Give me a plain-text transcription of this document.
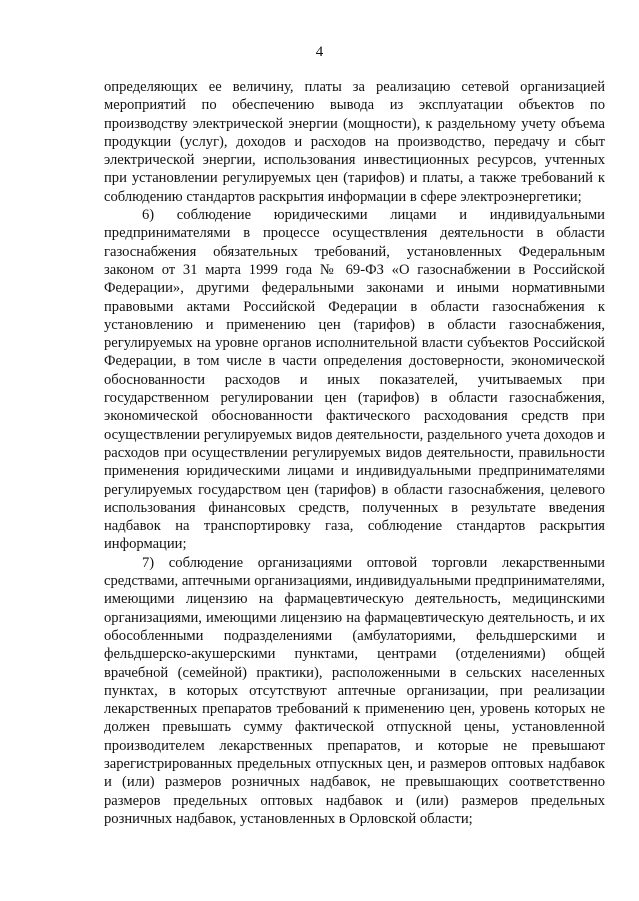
4

определяющих ее величину, платы за реализацию сетевой организацией мероприятий по обеспечению вывода из эксплуатации объектов по производству электрической энергии (мощности), к раздельному учету объема продукции (услуг), доходов и расходов на производство, передачу и сбыт электрической энергии, использования инвестиционных ресурсов, учтенных при установлении регулируемых цен (тарифов) и платы, а также требований к соблюдению стандартов раскрытия информации в сфере электроэнергетики;

6) соблюдение юридическими лицами и индивидуальными предпринимателями в процессе осуществления деятельности в области газоснабжения обязательных требований, установленных Федеральным законом от 31 марта 1999 года № 69-ФЗ «О газоснабжении в Российской Федерации», другими федеральными законами и иными нормативными правовыми актами Российской Федерации в области газоснабжения к установлению и применению цен (тарифов) в области газоснабжения, регулируемых на уровне органов исполнительной власти субъектов Российской Федерации, в том числе в части определения достоверности, экономической обоснованности расходов и иных показателей, учитываемых при государственном регулировании цен (тарифов) в области газоснабжения, экономической обоснованности фактического расходования средств при осуществлении регулируемых видов деятельности, раздельного учета доходов и расходов при осуществлении регулируемых видов деятельности, правильности применения юридическими лицами и индивидуальными предпринимателями регулируемых государством цен (тарифов) в области газоснабжения, целевого использования финансовых средств, полученных в результате введения надбавок на транспортировку газа, соблюдение стандартов раскрытия информации;

7) соблюдение организациями оптовой торговли лекарственными средствами, аптечными организациями, индивидуальными предпринимателями, имеющими лицензию на фармацевтическую деятельность, медицинскими организациями, имеющими лицензию на фармацевтическую деятельность, и их обособленными подразделениями (амбулаториями, фельдшерскими и фельдшерско-акушерскими пунктами, центрами (отделениями) общей врачебной (семейной) практики), расположенными в сельских населенных пунктах, в которых отсутствуют аптечные организации, при реализации лекарственных препаратов требований к применению цен, уровень которых не должен превышать сумму фактической отпускной цены, установленной производителем лекарственных препаратов, и которые не превышают зарегистрированных предельных отпускных цен, и размеров оптовых надбавок и (или) размеров розничных надбавок, не превышающих соответственно размеров предельных оптовых надбавок и (или) размеров предельных розничных надбавок, установленных в Орловской области;
